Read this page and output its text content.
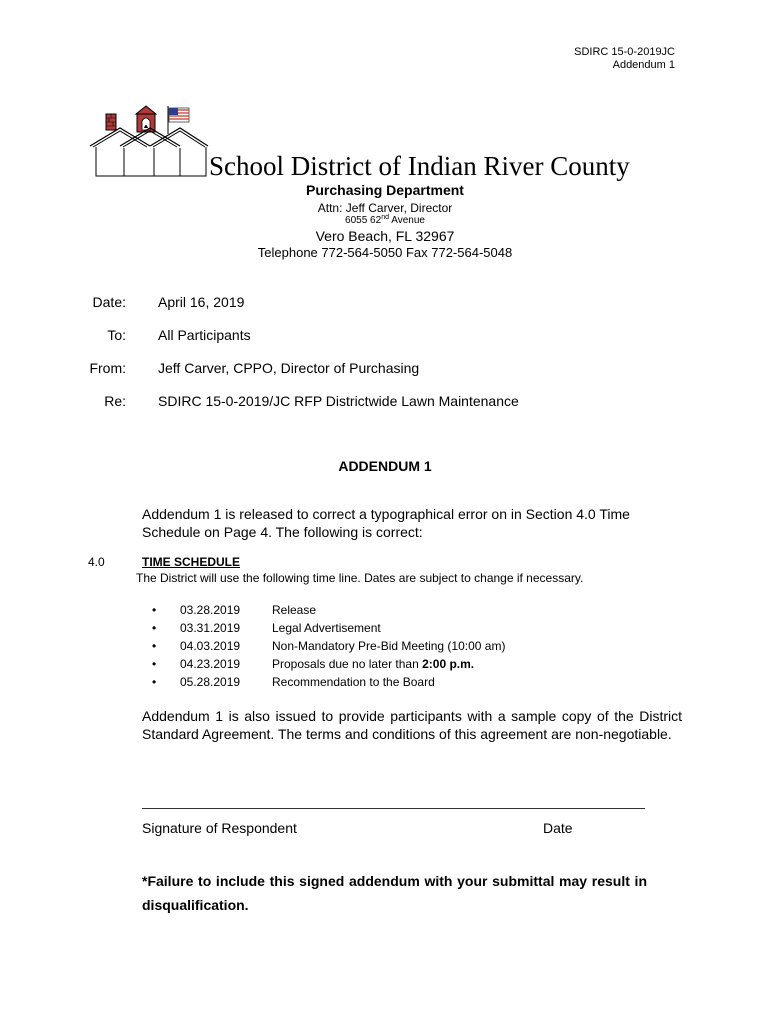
SDIRC 15-0-2019JC
Addendum 1
School District of Indian River County
Purchasing Department
Attn: Jeff Carver, Director
6055 62nd Avenue
Vero Beach, FL 32967
Telephone 772-564-5050 Fax 772-564-5048
Date: April 16, 2019
To: All Participants
From: Jeff Carver, CPPO, Director of Purchasing
Re: SDIRC 15-0-2019/JC RFP Districtwide Lawn Maintenance
ADDENDUM 1
Addendum 1 is released to correct a typographical error on in Section 4.0 Time Schedule on Page 4. The following is correct:
4.0	TIME SCHEDULE
The District will use the following time line. Dates are subject to change if necessary.
•	03.28.2019	Release
•	03.31.2019	Legal Advertisement
•	04.03.2019	Non-Mandatory Pre-Bid Meeting (10:00 am)
•	04.23.2019	Proposals due no later than 2:00 p.m.
•	05.28.2019	Recommendation to the Board
Addendum 1 is also issued to provide participants with a sample copy of the District Standard Agreement. The terms and conditions of this agreement are non-negotiable.
Signature of Respondent	Date
*Failure to include this signed addendum with your submittal may result in disqualification.
